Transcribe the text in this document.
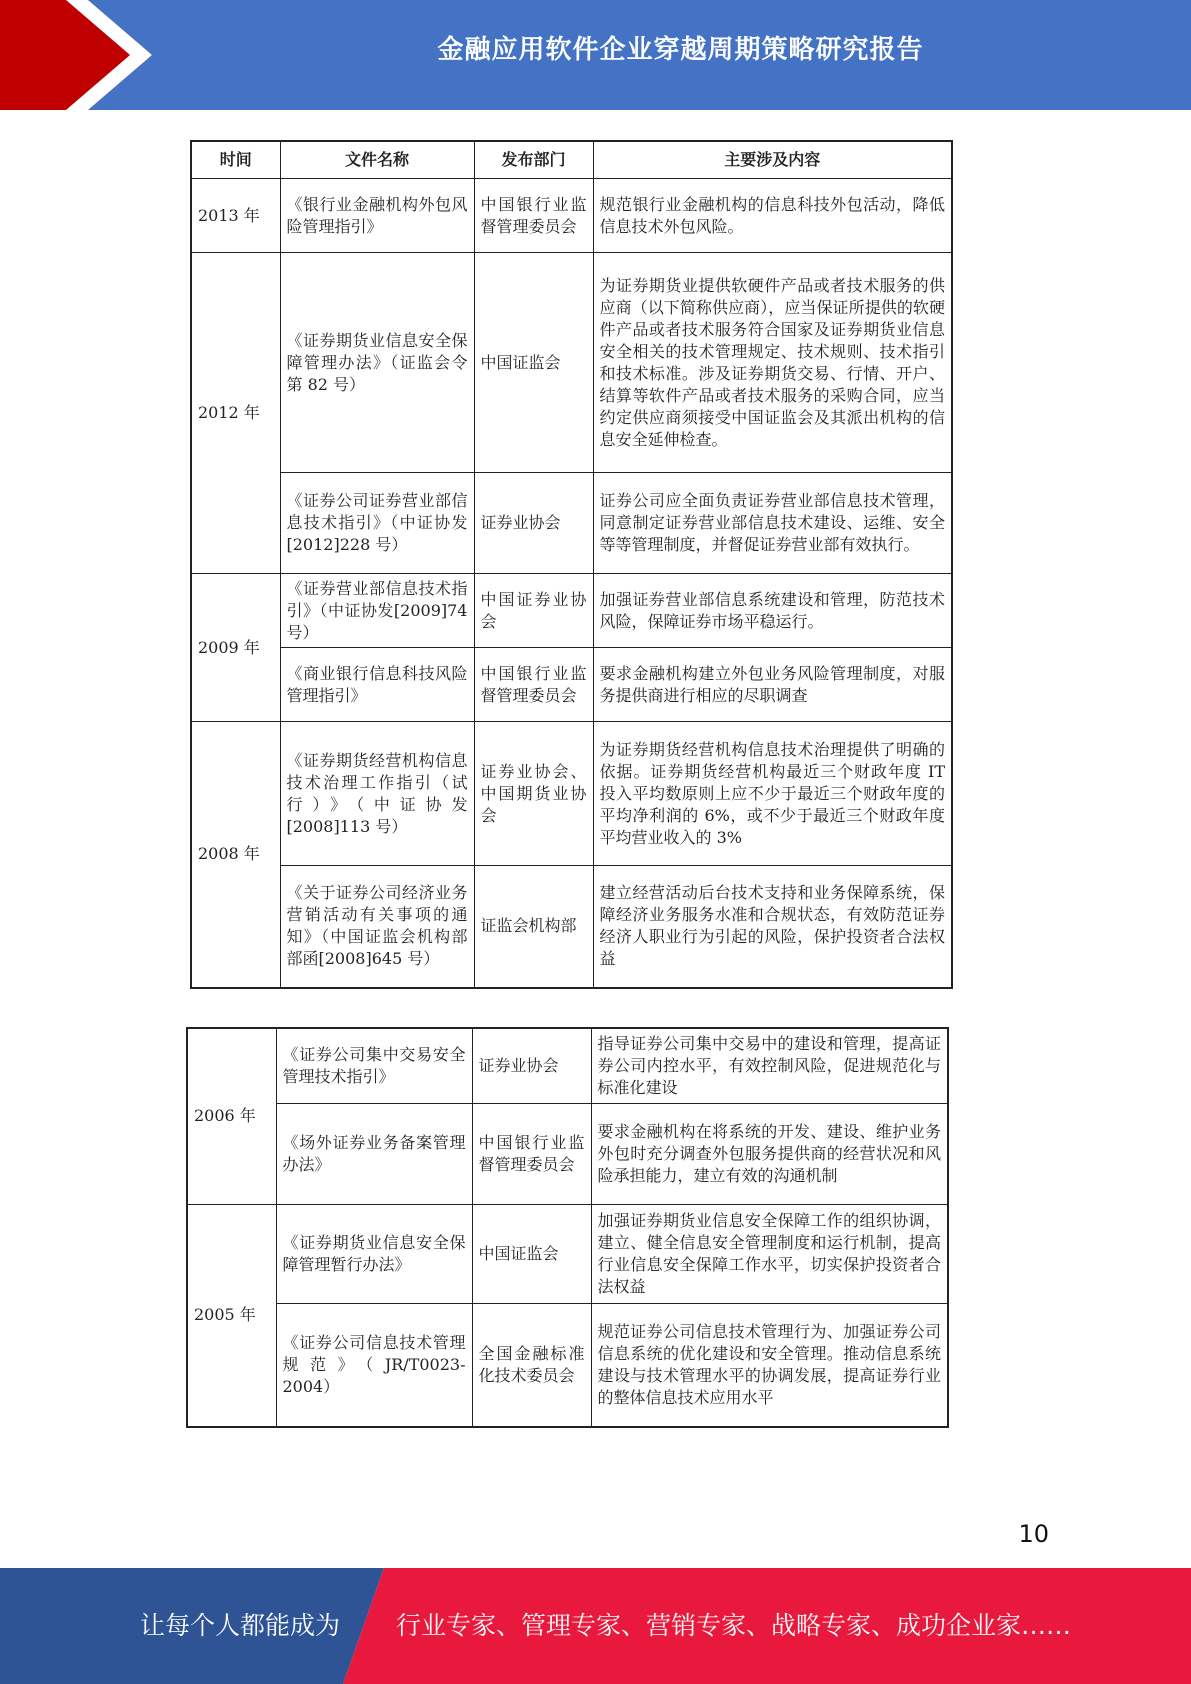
金融应用软件企业穿越周期策略研究报告
时间	文件名称	发布部门	主要涉及内容
2013 年	《银行业金融机构外包风险管理指引》	中国银行业监督管理委员会	规范银行业金融机构的信息科技外包活动，降低信息技术外包风险。
2012 年	《证券期货业信息安全保障管理办法》（证监会令第 82 号）	中国证监会	为证券期货业提供软硬件产品或者技术服务的供应商（以下简称供应商），应当保证所提供的软硬件产品或者技术服务符合国家及证券期货业信息安全相关的技术管理规定、技术规则、技术指引和技术标准。涉及证券期货交易、行情、开户、结算等软件产品或者技术服务的采购合同，应当约定供应商须接受中国证监会及其派出机构的信息安全延伸检查。
	《证券公司证券营业部信息技术指引》（中证协发[2012]228 号）	证券业协会	证券公司应全面负责证券营业部信息技术管理，同意制定证券营业部信息技术建设、运维、安全等等管理制度，并督促证券营业部有效执行。
2009 年	《证券营业部信息技术指引》（中证协发[2009]74 号）	中国证券业协会	加强证券营业部信息系统建设和管理，防范技术风险，保障证券市场平稳运行。
	《商业银行信息科技风险管理指引》	中国银行业监督管理委员会	要求金融机构建立外包业务风险管理制度，对服务提供商进行相应的尽职调查
2008 年	《证券期货经营机构信息技术治理工作指引（试行）》（中证协发[2008]113 号）	证券业协会、中国期货业协会	为证券期货经营机构信息技术治理提供了明确的依据。证券期货经营机构最近三个财政年度 IT 投入平均数原则上应不少于最近三个财政年度的平均净利润的 6%，或不少于最近三个财政年度平均营业收入的 3%
	《关于证券公司经济业务营销活动有关事项的通知》（中国证监会机构部部函[2008]645 号）	证监会机构部	建立经营活动后台技术支持和业务保障系统，保障经济业务服务水准和合规状态，有效防范证券经济人职业行为引起的风险，保护投资者合法权益
2006 年	《证券公司集中交易安全管理技术指引》	证券业协会	指导证券公司集中交易中的建设和管理，提高证券公司内控水平，有效控制风险，促进规范化与标准化建设
	《场外证券业务备案管理办法》	中国银行业监督管理委员会	要求金融机构在将系统的开发、建设、维护业务外包时充分调查外包服务提供商的经营状况和风险承担能力，建立有效的沟通机制
2005 年	《证券期货业信息安全保障管理暂行办法》	中国证监会	加强证券期货业信息安全保障工作的组织协调，建立、健全信息安全管理制度和运行机制，提高行业信息安全保障工作水平，切实保护投资者合法权益
	《证券公司信息技术管理规范》（JR/T0023-2004）	全国金融标准化技术委员会	规范证券公司信息技术管理行为、加强证券公司信息系统的优化建设和安全管理。推动信息系统建设与技术管理水平的协调发展，提高证券行业的整体信息技术应用水平
10
让每个人都能成为 行业专家、管理专家、营销专家、战略专家、成功企业家……
